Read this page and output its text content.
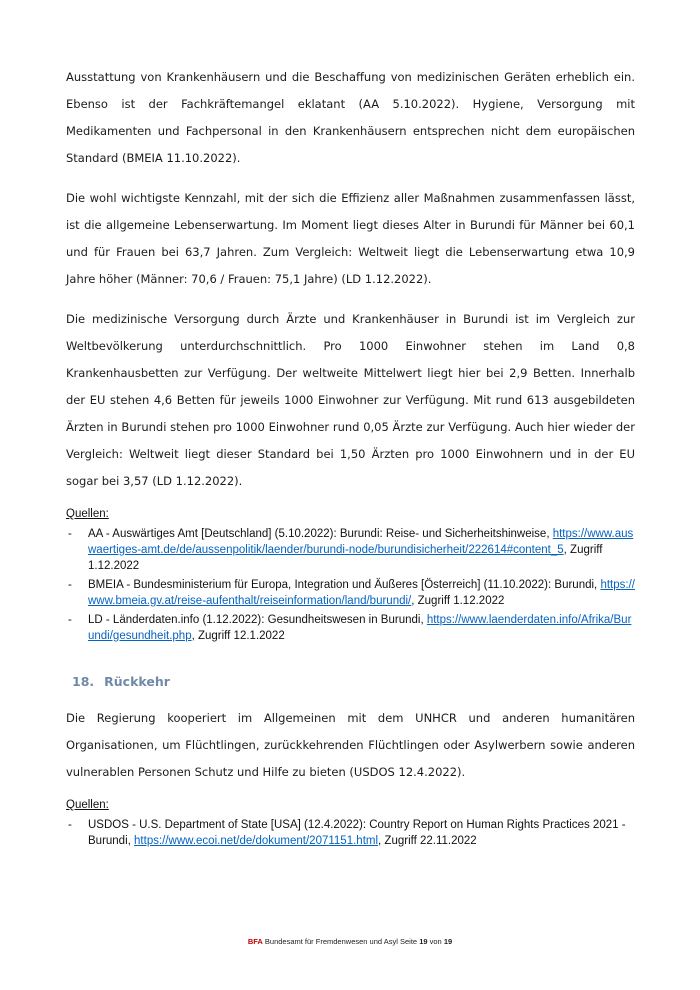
Ausstattung von Krankenhäusern und die Beschaffung von medizinischen Geräten erheblich ein. Ebenso ist der Fachkräftemangel eklatant (AA 5.10.2022). Hygiene, Versorgung mit Medikamenten und Fachpersonal in den Krankenhäusern entsprechen nicht dem europäischen Standard (BMEIA 11.10.2022).

Die wohl wichtigste Kennzahl, mit der sich die Effizienz aller Maßnahmen zusammenfassen lässt, ist die allgemeine Lebenserwartung. Im Moment liegt dieses Alter in Burundi für Männer bei 60,1 und für Frauen bei 63,7 Jahren. Zum Vergleich: Weltweit liegt die Lebenserwartung etwa 10,9 Jahre höher (Männer: 70,6 / Frauen: 75,1 Jahre) (LD 1.12.2022).

Die medizinische Versorgung durch Ärzte und Krankenhäuser in Burundi ist im Vergleich zur Weltbevölkerung unterdurchschnittlich. Pro 1000 Einwohner stehen im Land 0,8 Krankenhausbetten zur Verfügung. Der weltweite Mittelwert liegt hier bei 2,9 Betten. Innerhalb der EU stehen 4,6 Betten für jeweils 1000 Einwohner zur Verfügung. Mit rund 613 ausgebildeten Ärzten in Burundi stehen pro 1000 Einwohner rund 0,05 Ärzte zur Verfügung. Auch hier wieder der Vergleich: Weltweit liegt dieser Standard bei 1,50 Ärzten pro 1000 Einwohnern und in der EU sogar bei 3,57 (LD 1.12.2022).

Quellen:
- AA - Auswärtiges Amt [Deutschland] (5.10.2022): Burundi: Reise- und Sicherheitshinweise, https://www.auswaertiges-amt.de/de/aussenpolitik/laender/burundi-node/burundisicherheit/222614#content_5, Zugriff 1.12.2022
- BMEIA - Bundesministerium für Europa, Integration und Äußeres [Österreich] (11.10.2022): Burundi, https://www.bmeia.gv.at/reise-aufenthalt/reiseinformation/land/burundi/, Zugriff 1.12.2022
- LD - Länderdaten.info (1.12.2022): Gesundheitswesen in Burundi, https://www.laenderdaten.info/Afrika/Burundi/gesundheit.php, Zugriff 12.1.2022
18. Rückkehr

Die Regierung kooperiert im Allgemeinen mit dem UNHCR und anderen humanitären Organisationen, um Flüchtlingen, zurückkehrenden Flüchtlingen oder Asylwerbern sowie anderen vulnerablen Personen Schutz und Hilfe zu bieten (USDOS 12.4.2022).

Quellen:
- USDOS - U.S. Department of State [USA] (12.4.2022): Country Report on Human Rights Practices 2021 - Burundi, https://www.ecoi.net/de/dokument/2071151.html, Zugriff 22.11.2022
BFA Bundesamt für Fremdenwesen und Asyl Seite 19 von 19
